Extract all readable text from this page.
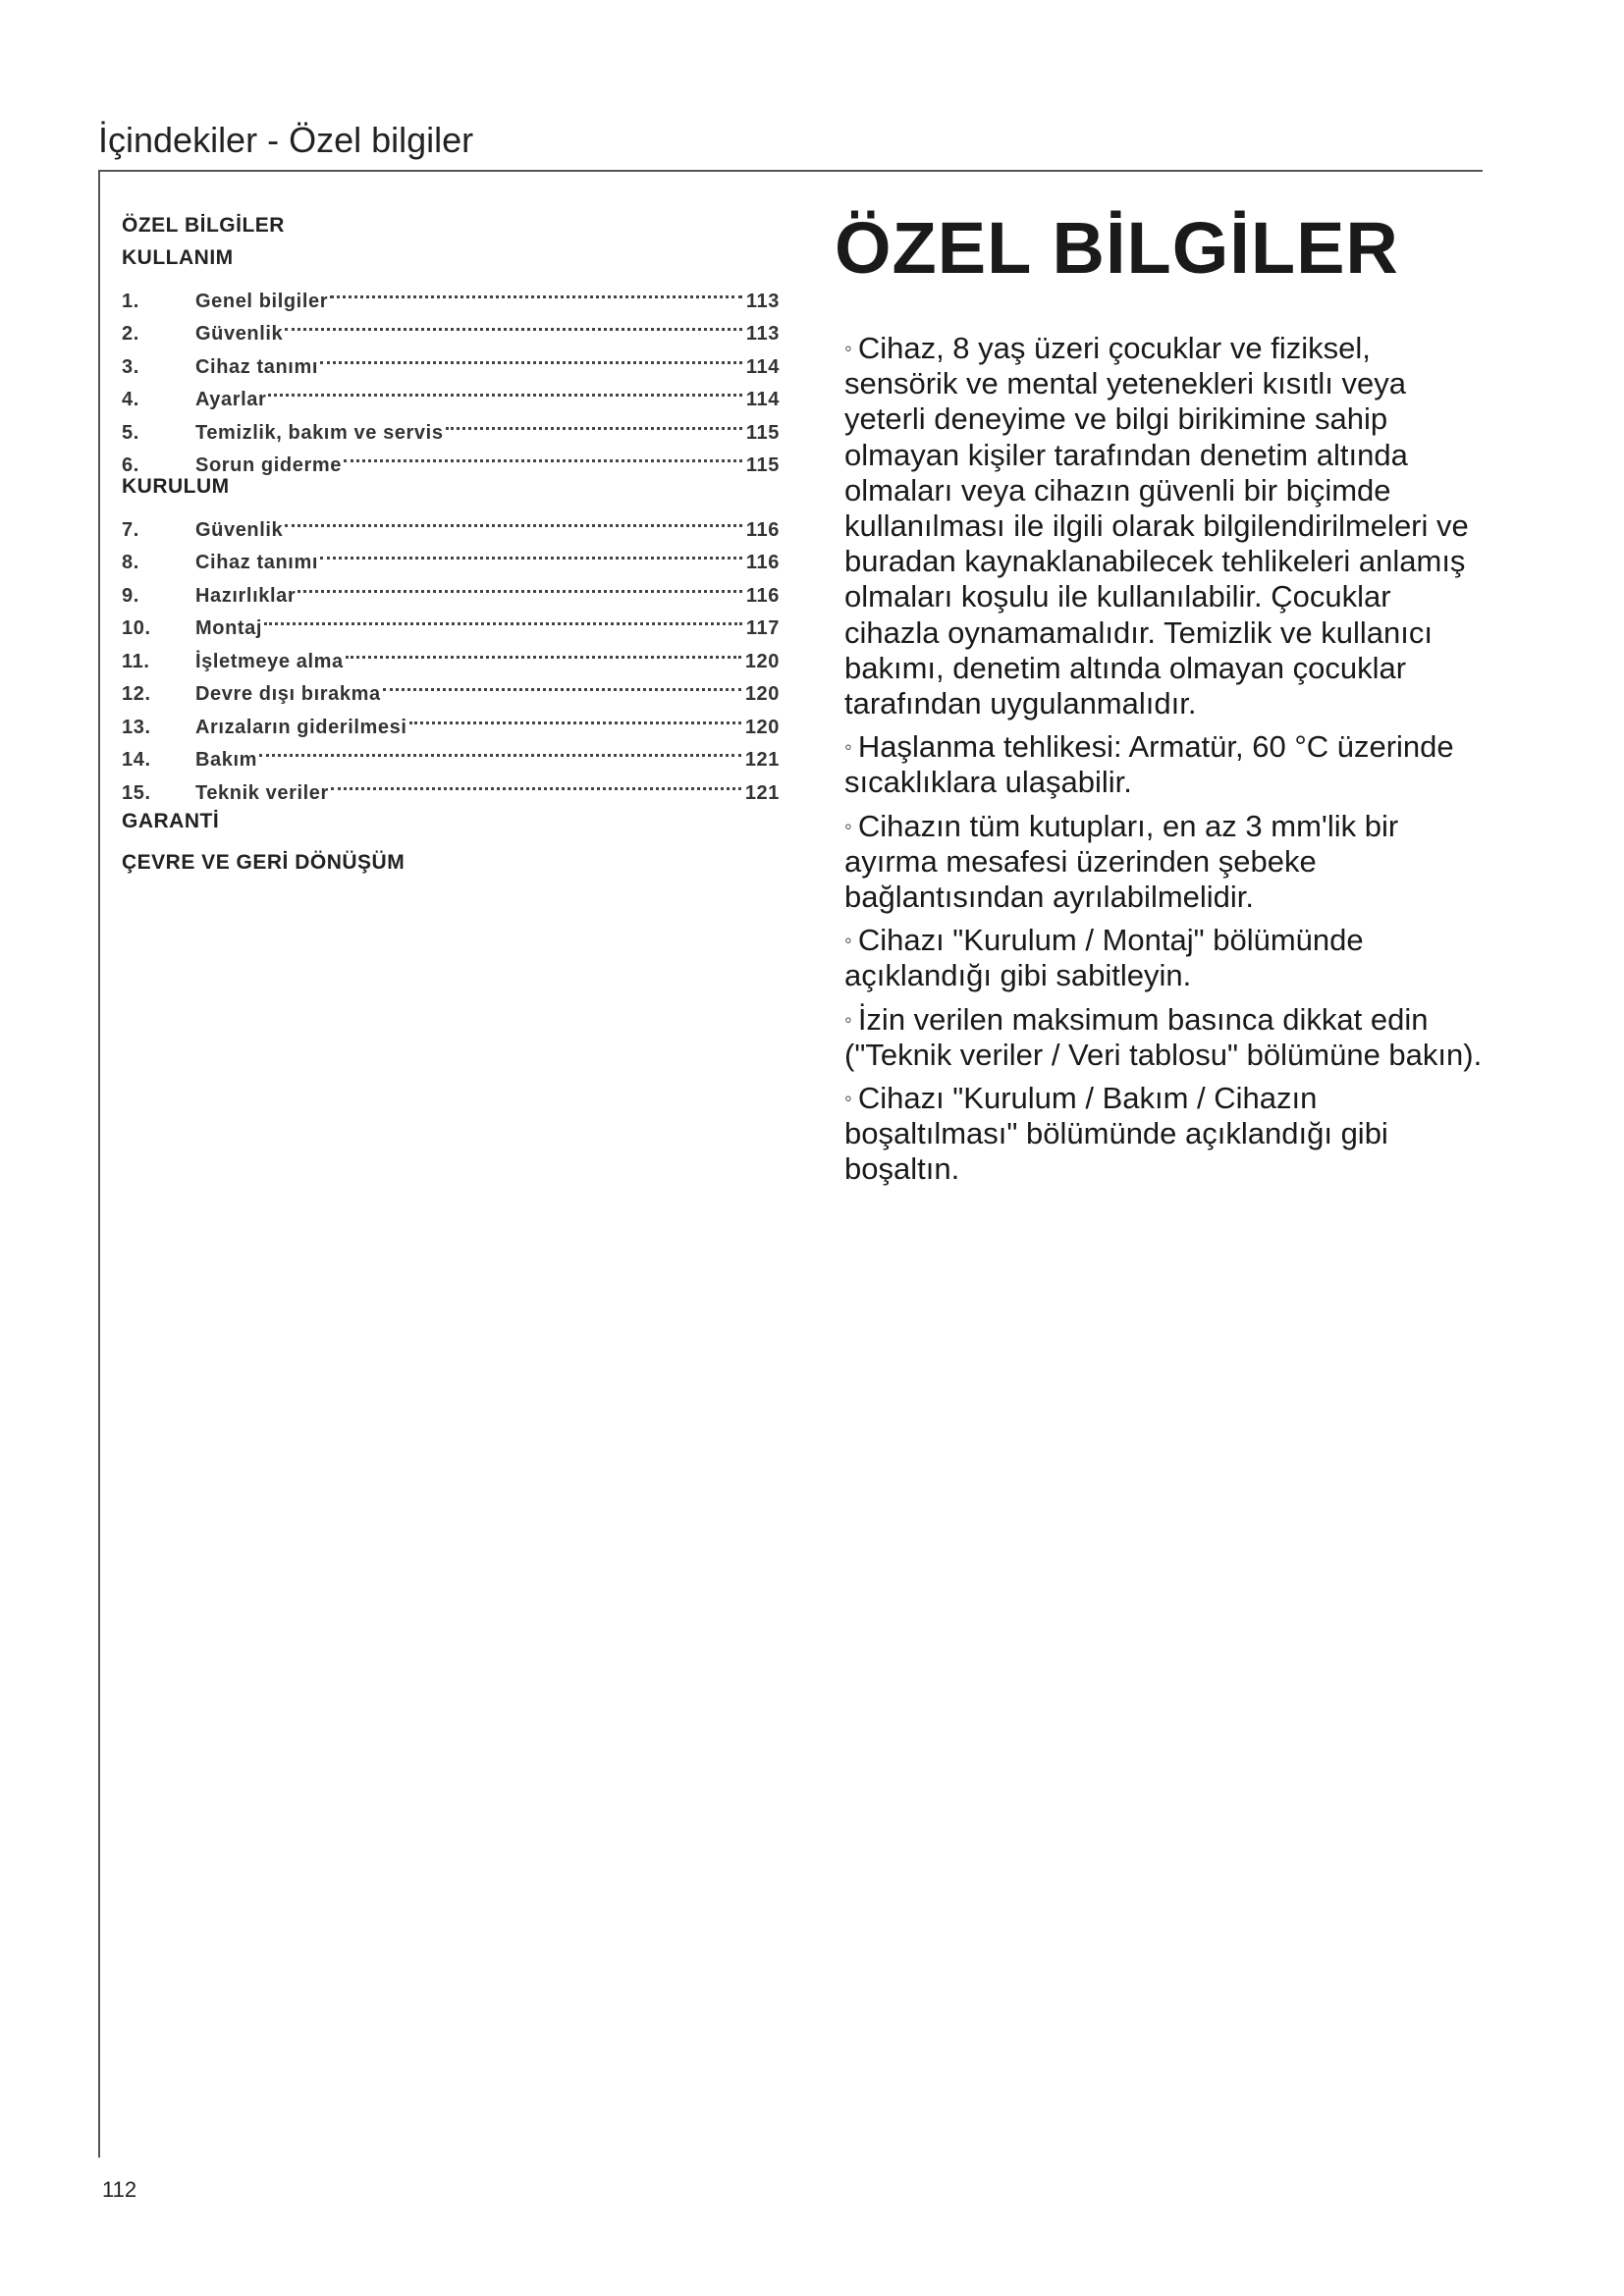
İçindekiler - Özel bilgiler
ÖZEL BİLGİLER
KULLANIM
1.	Genel bilgiler	113
2.	Güvenlik	113
3.	Cihaz tanımı	114
4.	Ayarlar	114
5.	Temizlik, bakım ve servis	115
6.	Sorun giderme	115
KURULUM
7.	Güvenlik	116
8.	Cihaz tanımı	116
9.	Hazırlıklar	116
10.	Montaj	117
11.	İşletmeye alma	120
12.	Devre dışı bırakma	120
13.	Arızaların giderilmesi	120
14.	Bakım	121
15.	Teknik veriler	121
GARANTİ
ÇEVRE VE GERİ DÖNÜŞÜM
ÖZEL BİLGİLER
◦ Cihaz, 8 yaş üzeri çocuklar ve fiziksel, sensörik ve mental yetenekleri kısıtlı veya yeterli deneyime ve bilgi birikimine sahip olmayan kişiler tarafından denetim altında olmaları veya cihazın güvenli bir biçimde kullanılması ile ilgili olarak bilgilendirilmeleri ve buradan kaynaklanabilecek tehlikeleri anlamış olmaları koşulu ile kullanılabilir. Çocuklar cihazla oynamamalıdır. Temizlik ve kullanıcı bakımı, denetim altında olmayan çocuklar tarafından uygulanmalıdır.
◦ Haşlanma tehlikesi: Armatür, 60 °C üzerinde sıcaklıklara ulaşabilir.
◦ Cihazın tüm kutupları, en az 3 mm'lik bir ayırma mesafesi üzerinden şebeke bağlantısından ayrılabilmelidir.
◦ Cihazı "Kurulum / Montaj" bölümünde açıklandığı gibi sabitleyin.
◦ İzin verilen maksimum basınca dikkat edin ("Teknik veriler / Veri tablosu" bölümüne bakın).
◦ Cihazı "Kurulum / Bakım / Cihazın boşaltılması" bölümünde açıklandığı gibi boşaltın.
112
